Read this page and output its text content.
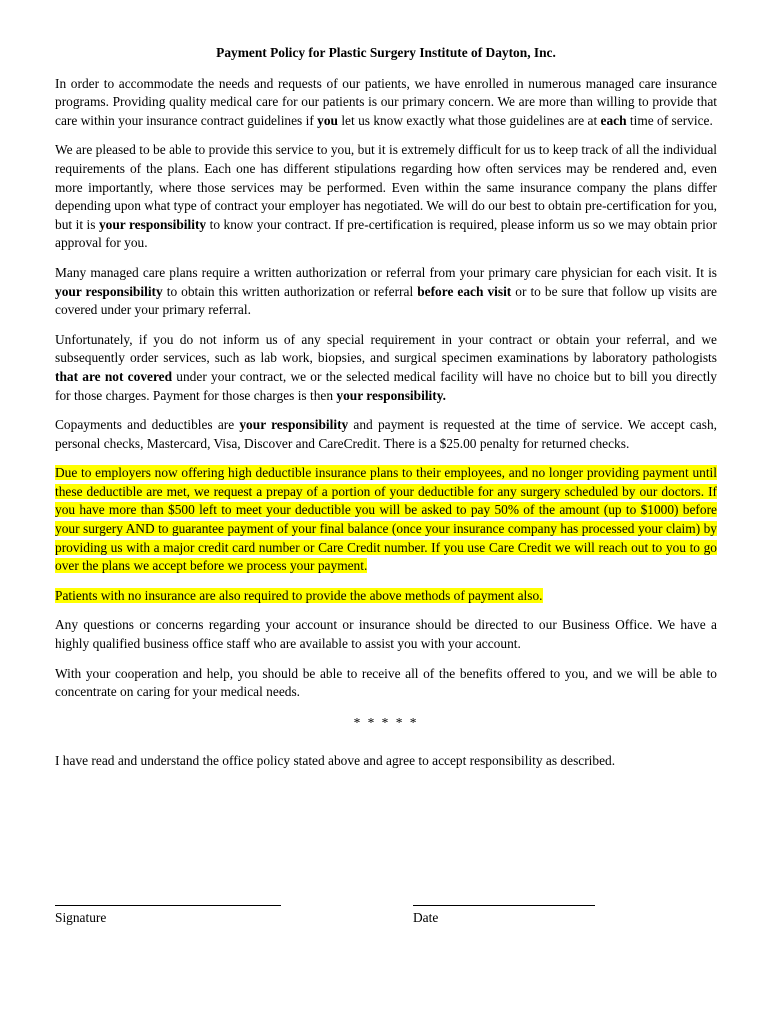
Payment Policy for Plastic Surgery Institute of Dayton, Inc.

In order to accommodate the needs and requests of our patients, we have enrolled in numerous managed care insurance programs. Providing quality medical care for our patients is our primary concern. We are more than willing to provide that care within your insurance contract guidelines if you let us know exactly what those guidelines are at each time of service.

We are pleased to be able to provide this service to you, but it is extremely difficult for us to keep track of all the individual requirements of the plans. Each one has different stipulations regarding how often services may be rendered and, even more importantly, where those services may be performed. Even within the same insurance company the plans differ depending upon what type of contract your employer has negotiated. We will do our best to obtain pre-certification for you, but it is your responsibility to know your contract. If pre-certification is required, please inform us so we may obtain prior approval for you.

Many managed care plans require a written authorization or referral from your primary care physician for each visit. It is your responsibility to obtain this written authorization or referral before each visit or to be sure that follow up visits are covered under your primary referral.

Unfortunately, if you do not inform us of any special requirement in your contract or obtain your referral, and we subsequently order services, such as lab work, biopsies, and surgical specimen examinations by laboratory pathologists that are not covered under your contract, we or the selected medical facility will have no choice but to bill you directly for those charges. Payment for those charges is then your responsibility.

Copayments and deductibles are your responsibility and payment is requested at the time of service. We accept cash, personal checks, Mastercard, Visa, Discover and CareCredit. There is a $25.00 penalty for returned checks.

Due to employers now offering high deductible insurance plans to their employees, and no longer providing payment until these deductible are met, we request a prepay of a portion of your deductible for any surgery scheduled by our doctors. If you have more than $500 left to meet your deductible you will be asked to pay 50% of the amount (up to $1000) before your surgery AND to guarantee payment of your final balance (once your insurance company has processed your claim) by providing us with a major credit card number or Care Credit number. If you use Care Credit we will reach out to you to go over the plans we accept before we process your payment.

Patients with no insurance are also required to provide the above methods of payment also.

Any questions or concerns regarding your account or insurance should be directed to our Business Office. We have a highly qualified business office staff who are available to assist you with your account.

With your cooperation and help, you should be able to receive all of the benefits offered to you, and we will be able to concentrate on caring for your medical needs.

* * * * *

I have read and understand the office policy stated above and agree to accept responsibility as described.

Signature	Date
